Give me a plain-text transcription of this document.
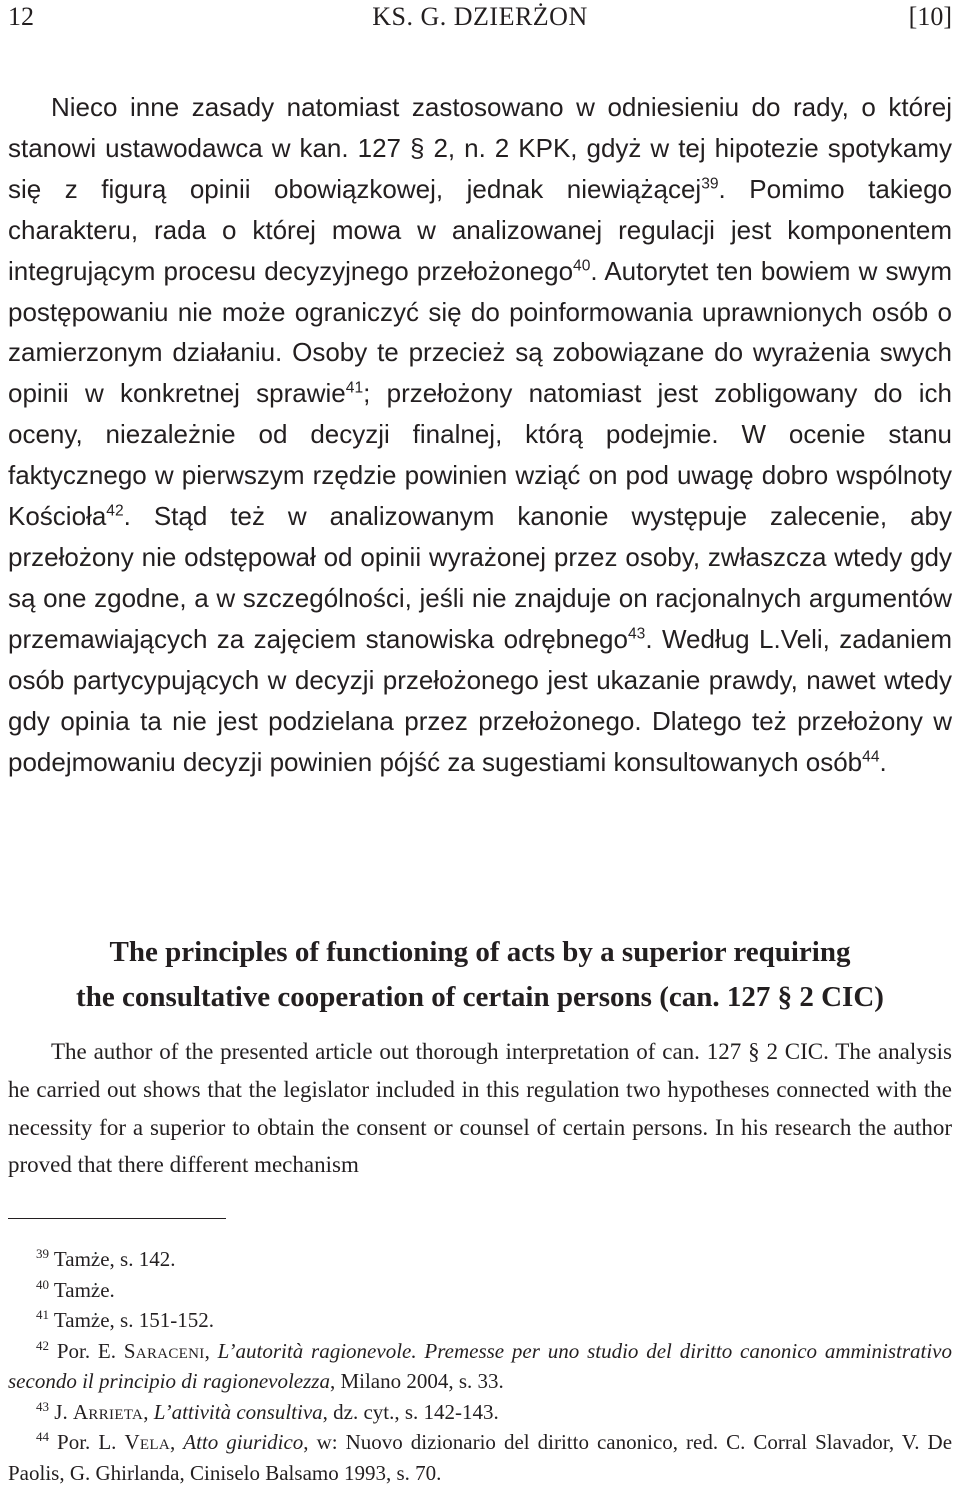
12	KS. G. DZIERŻON	[10]

Nieco inne zasady natomiast zastosowano w odniesieniu do rady, o której stanowi ustawodawca w kan. 127 § 2, n. 2 KPK, gdyż w tej hipotezie spotykamy się z figurą opinii obowiązkowej, jednak niewiążącej$^{39}$. Pomimo takiego charakteru, rada o której mowa w analizowanej regulacji jest komponentem integrującym procesu decyzyjnego przełożonego$^{40}$. Autorytet ten bowiem w swym postępowaniu nie może ograniczyć się do poinformowania uprawnionych osób o zamierzonym działaniu. Osoby te przecież są zobowiązane do wyrażenia swych opinii w konkretnej sprawie$^{41}$; przełożony natomiast jest zobligowany do ich oceny, niezależnie od decyzji finalnej, którą podejmie. W ocenie stanu faktycznego w pierwszym rzędzie powinien wziąć on pod uwagę dobro wspólnoty Kościoła$^{42}$. Stąd też w analizowanym kanonie występuje zalecenie, aby przełożony nie odstępował od opinii wyrażonej przez osoby, zwłaszcza wtedy gdy są one zgodne, a w szczególności, jeśli nie znajduje on racjonalnych argumentów przemawiających za zajęciem stanowiska odrębnego$^{43}$. Według L.Veli, zadaniem osób partycypujących w decyzji przełożonego jest ukazanie prawdy, nawet wtedy gdy opinia ta nie jest podzielana przez przełożonego. Dlatego też przełożony w podejmowaniu decyzji powinien pójść za sugestiami konsultowanych osób$^{44}$.

The principles of functioning of acts by a superior requiring
the consultative cooperation of certain persons (can. 127 § 2 CIC)

The author of the presented article out thorough interpretation of can. 127 § 2 CIC. The analysis he carried out shows that the legislator included in this regulation two hypotheses connected with the necessity for a superior to obtain the consent or counsel of certain persons. In his research the author proved that there different mechanism

$^{39}$ Tamże, s. 142.

$^{40}$ Tamże.

$^{41}$ Tamże, s. 151-152.

$^{42}$ Por. E. Saraceni, L’autorità ragionevole. Premesse per uno studio del diritto canonico amministrativo secondo il principio di ragionevolezza, Milano 2004, s. 33.

$^{43}$ J. Arrieta, L’attività consultiva, dz. cyt., s. 142-143.

$^{44}$ Por. L. Vela, Atto giuridico, w: Nuovo dizionario del diritto canonico, red. C. Corral Slavador, V. De Paolis, G. Ghirlanda, Ciniselo Balsamo 1993, s. 70.
